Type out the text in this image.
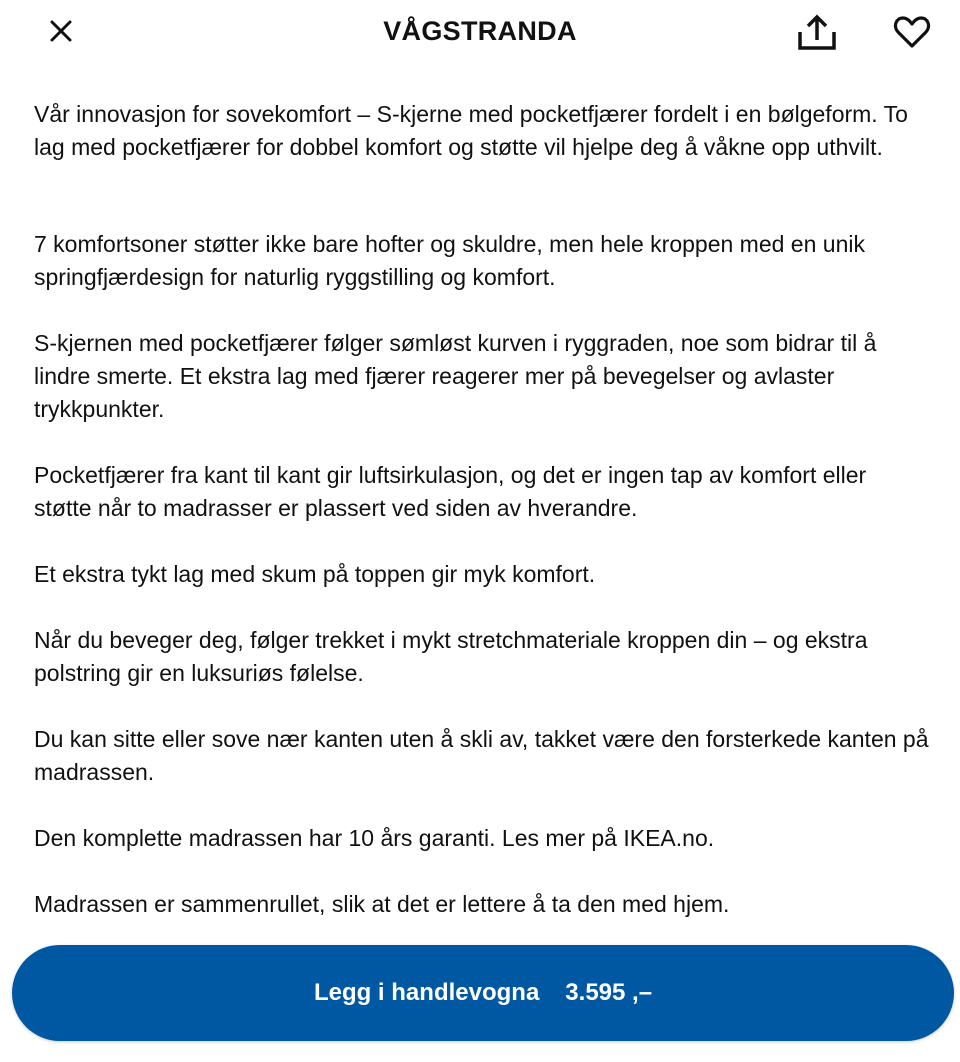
VÅGSTRANDA

Vår innovasjon for sovekomfort – S-kjerne med pocketfjærer fordelt i en bølgeform. To lag med pocketfjærer for dobbel komfort og støtte vil hjelpe deg å våkne opp uthvilt.

7 komfortsoner støtter ikke bare hofter og skuldre, men hele kroppen med en unik springfjærdesign for naturlig ryggstilling og komfort.

S-kjernen med pocketfjærer følger sømløst kurven i ryggraden, noe som bidrar til å lindre smerte. Et ekstra lag med fjærer reagerer mer på bevegelser og avlaster trykkpunkter.

Pocketfjærer fra kant til kant gir luftsirkulasjon, og det er ingen tap av komfort eller støtte når to madrasser er plassert ved siden av hverandre.

Et ekstra tykt lag med skum på toppen gir myk komfort.

Når du beveger deg, følger trekket i mykt stretchmateriale kroppen din – og ekstra polstring gir en luksuriøs følelse.

Du kan sitte eller sove nær kanten uten å skli av, takket være den forsterkede kanten på madrassen.

Den komplette madrassen har 10 års garanti. Les mer på IKEA.no.

Madrassen er sammenrullet, slik at det er lettere å ta den med hjem.

Legg i handlevogna 3.595 ,–
